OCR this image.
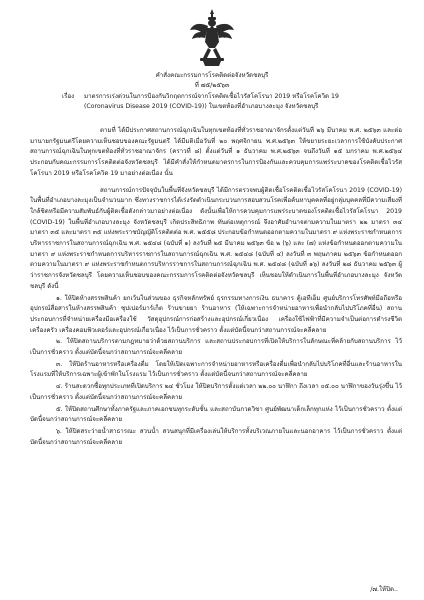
คำสั่งคณะกรรมการโรคติดต่อจังหวัดชลบุรี
ที่ ๗๕/๒๕๖๓
เรื่อง มาตรการเร่งด่วนในการป้องกันวิกฤตการณ์จากโรคติดเชื้อไวรัสโคโรนา 2019 หรือโรคโควิด 19
(Coronavirus Disease 2019 (COVID-19)) ในเขตท้องที่อำเภอบางละมุง จังหวัดชลบุรี

ตามที่ ได้มีประกาศสถานการณ์ฉุกเฉินในทุกเขตท้องที่ทั่วราชอาณาจักรตั้งแต่วันที่ ๒๖ มีนาคม พ.ศ. ๒๕๖๓ และต่อมานายกรัฐมนตรีโดยความเห็นชอบของคณะรัฐมนตรี ได้มีมติเมื่อวันที่ ๒๐ พฤศจิกายน พ.ศ.๒๕๖๓ ให้ขยายระยะเวลาการใช้บังคับประกาศสถานการณ์ฉุกเฉินในทุกเขตท้องที่ทั่วราชอาณาจักร (คราวที่ ๘) ตั้งแต่วันที่ ๑ ธันวาคม พ.ศ.๒๕๖๓ จนถึงวันที่ ๑๕ มกราคม พ.ศ.๒๕๖๔ ประกอบกับคณะกรรมการโรคติดต่อจังหวัดชลบุรี ได้มีคำสั่งให้กำหนดมาตรการในการป้องกันและควบคุมการแพร่ระบาดของโรคติดเชื้อไวรัสโคโรนา 2019 หรือโรคโควิด 19 มาอย่างต่อเนื่อง นั้น

สถานการณ์การปัจจุบันในพื้นที่จังหวัดชลบุรี ได้มีการตรวจพบผู้ติดเชื้อโรคติดเชื้อไวรัสโคโรนา 2019 (COVID-19) ในพื้นที่อำเภอบางละมุงเป็นจำนวนมาก ซึ่งทางราชการได้เร่งรัดดำเนินกระบวนการสอบสวนโรคเพื่อค้นหาบุคคลที่อยู่กลุ่มบุคคลที่มีความเสี่ยงที่ใกล้ชิดหรือมีความสัมพันธ์กับผู้ติดเชื้อดังกล่าวมาอย่างต่อเนื่อง ดังนั้นเพื่อให้การควบคุมการแพร่ระบาดของโรคติดเชื้อไวรัสโคโรนา 2019 (COVID-19) ในพื้นที่อำเภอบางละมุง จังหวัดชลบุรี เกิดประสิทธิภาพ ทันต่อเหตุการณ์ จึงอาศัยอำนาจตามความในมาตรา ๒๒ มาตรา ๓๔ มาตรา ๓๕ และมาตรา ๓๕ แห่งพระราชบัญญัติโรคติดต่อ พ.ศ. ๒๕๕๘ ประกอบข้อกำหนดออกตามความในมาตรา ๙ แห่งพระราชกำหนดการบริหารราชการในสถานการณ์ฉุกเฉิน พ.ศ. ๒๕๔๘ (ฉบับที่ ๑) ลงวันที่ ๒๕ มีนาคม ๒๕๖๓ ข้อ ๒ (๖) และ (๗) แห่งข้อกำหนดออกตามความในมาตรา ๙ แห่งพระราชกำหนดการบริหารราชการในสถานการณ์ฉุกเฉิน พ.ศ. ๒๕๔๘ (ฉบับที่ ๔) ลงวันที่ ๓ พฤษภาคม ๒๕๖๓ ข้อกำหนดออกตามความในมาตรา ๙ แห่งพระราชกำหนดการบริหารราชการในสถานการณ์ฉุกเฉิน พ.ศ. ๒๕๔๘ (ฉบับที่ ๑๖) ลงวันที่ ๒๘ ธันวาคม ๒๕๖๓ ผู้ว่าราชการจังหวัดชลบุรี โดยความเห็นชอบของคณะกรรมการโรคติดต่อจังหวัดชลบุรี เห็นชอบให้ดำเนินการในพื้นที่อำเภอบางละมุง จังหวัดชลบุรี ดังนี้

๑. ให้ปิดห้างสรรพสินค้า ยกเว้นในส่วนของ ธุรกิจหลักทรัพย์ ธุรกรรมทางการเงิน ธนาคาร ตู้เอทีเอ็ม ศูนย์บริการโทรศัพท์มือถือหรืออุปกรณ์สื่อสารในห้างสรรพสินค้า ซุปเปอร์มาร์เก็ต ร้านขายยา ร้านอาหาร (ให้เฉพาะการจำหน่ายอาหารเพื่อนำกลับไปบริโภคที่อื่น) สถานประกอบการที่จำหน่ายเครื่องมือเครื่องใช้ วัสดุอุปกรณ์การก่อสร้างและอุปกรณ์เกี่ยวเนื่อง เครื่องใช้ไฟฟ้าที่มีความจำเป็นต่อการดำรงชีวิต เครื่องครัว เครื่องคอมพิวเตอร์และอุปกรณ์เกี่ยวเนื่อง ไว้เป็นการชั่วคราว ตั้งแต่บัดนี้จนกว่าสถานการณ์จะคลี่คลาย

๒. ให้ปิดสถานบริการตามกฎหมายว่าด้วยสถานบริการ และสถานประกอบการที่เปิดให้บริการในลักษณะที่คล้ายกับสถานบริการ ไว้เป็นการชั่วคราว ตั้งแต่บัดนี้จนกว่าสถานการณ์จะคลี่คลาย

๓. ให้ปิดร้านอาหารหรือเครื่องดื่ม โดยให้เปิดเฉพาะการจำหน่ายอาหารหรือเครื่องดื่มเพื่อนำกลับไปบริโภคที่อื่นและร้านอาหารในโรงแรมที่ให้บริการเฉพาะผู้เข้าพักในโรงแรม ไว้เป็นการชั่วคราว ตั้งแต่บัดนี้จนกว่าสถานการณ์จะคลี่คลาย

๔. ร้านสะดวกซื้อทุกประเภทที่เปิดบริการ ๒๔ ชั่วโมง ให้ปิดบริการตั้งแต่เวลา ๒๒.๐๐ นาฬิกา ถึงเวลา ๐๕.๐๐ นาฬิกาของวันรุ่งขึ้น ไว้เป็นการชั่วคราว ตั้งแต่บัดนี้จนกว่าสถานการณ์จะคลี่คลาย

๕. ให้ปิดสถานศึกษาทั้งภาครัฐและภาคเอกชนทุกระดับชั้น และสถาบันกวดวิชา ศูนย์พัฒนาเด็กเล็กทุกแห่ง ไว้เป็นการชั่วคราว ตั้งแต่บัดนี้จนกว่าสถานการณ์จะคลี่คลาย

๖. ให้ปิดสระว่ายน้ำสาธารณะ สวนน้ำ สวนสนุกที่มีเครื่องเล่นให้บริการทั้งบริเวณภายในและนอกอาคาร ไว้เป็นการชั่วคราว ตั้งแต่บัดนี้จนกว่าสถานการณ์จะคลี่คลาย

/๗.ให้ปิด..
